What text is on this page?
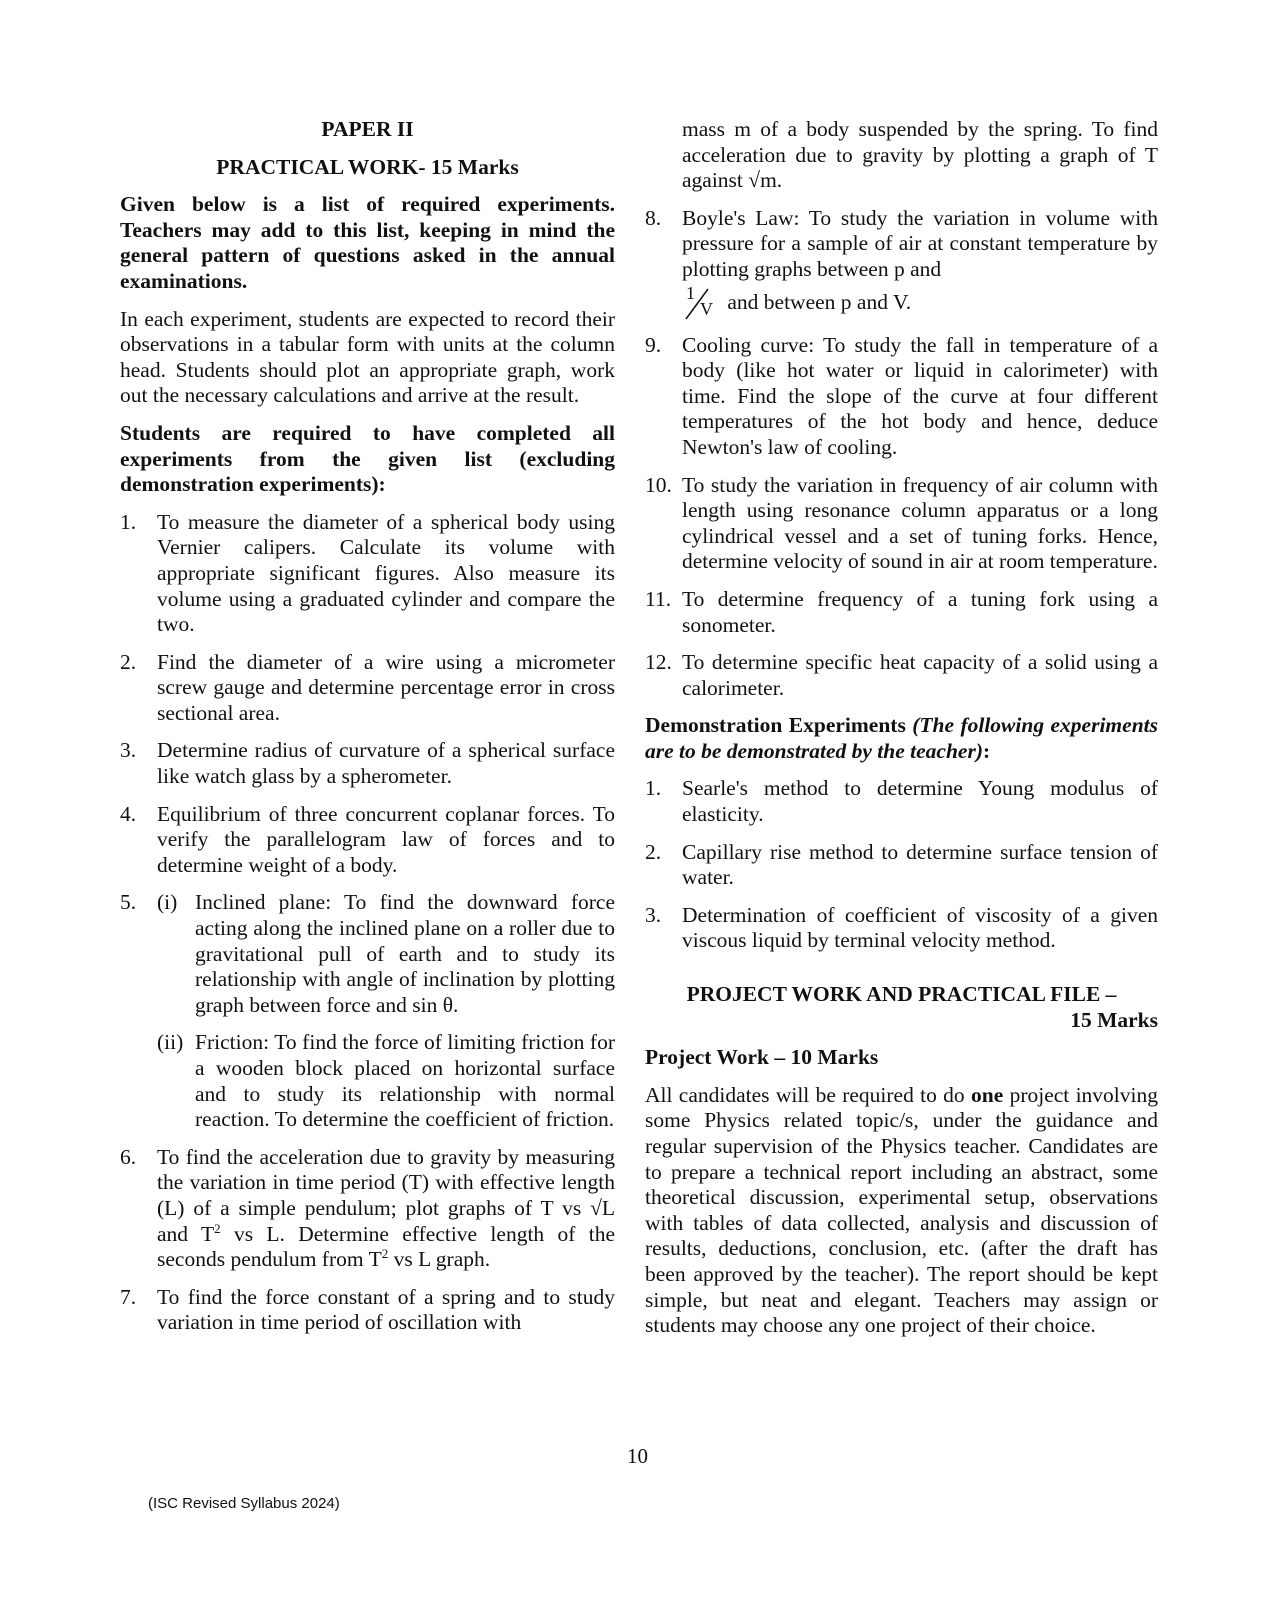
PAPER II
PRACTICAL WORK- 15 Marks

Given below is a list of required experiments. Teachers may add to this list, keeping in mind the general pattern of questions asked in the annual examinations.

In each experiment, students are expected to record their observations in a tabular form with units at the column head. Students should plot an appropriate graph, work out the necessary calculations and arrive at the result.

Students are required to have completed all experiments from the given list (excluding demonstration experiments):

1. To measure the diameter of a spherical body using Vernier calipers. Calculate its volume with appropriate significant figures. Also measure its volume using a graduated cylinder and compare the two.
2. Find the diameter of a wire using a micrometer screw gauge and determine percentage error in cross sectional area.
3. Determine radius of curvature of a spherical surface like watch glass by a spherometer.
4. Equilibrium of three concurrent coplanar forces. To verify the parallelogram law of forces and to determine weight of a body.
5. (i) Inclined plane: To find the downward force acting along the inclined plane on a roller due to gravitational pull of earth and to study its relationship with angle of inclination by plotting graph between force and sin θ.
(ii) Friction: To find the force of limiting friction for a wooden block placed on horizontal surface and to study its relationship with normal reaction. To determine the coefficient of friction.
6. To find the acceleration due to gravity by measuring the variation in time period (T) with effective length (L) of a simple pendulum; plot graphs of T vs √L and $T^2$ vs L. Determine effective length of the seconds pendulum from $T^2$ vs L graph.
7. To find the force constant of a spring and to study variation in time period of oscillation with

mass m of a body suspended by the spring. To find acceleration due to gravity by plotting a graph of T against √m.

8. Boyle's Law: To study the variation in volume with pressure for a sample of air at constant temperature by plotting graphs between p and
1
V and between p and V.
9. Cooling curve: To study the fall in temperature of a body (like hot water or liquid in calorimeter) with time. Find the slope of the curve at four different temperatures of the hot body and hence, deduce Newton's law of cooling.
10. To study the variation in frequency of air column with length using resonance column apparatus or a long cylindrical vessel and a set of tuning forks. Hence, determine velocity of sound in air at room temperature.
11. To determine frequency of a tuning fork using a sonometer.
12. To determine specific heat capacity of a solid using a calorimeter.

Demonstration Experiments (The following experiments are to be demonstrated by the teacher):

1. Searle's method to determine Young modulus of elasticity.
2. Capillary rise method to determine surface tension of water.
3. Determination of coefficient of viscosity of a given viscous liquid by terminal velocity method.
PROJECT WORK AND PRACTICAL FILE –
15 Marks

Project Work – 10 Marks

All candidates will be required to do one project involving some Physics related topic/s, under the guidance and regular supervision of the Physics teacher. Candidates are to prepare a technical report including an abstract, some theoretical discussion, experimental setup, observations with tables of data collected, analysis and discussion of results, deductions, conclusion, etc. (after the draft has been approved by the teacher). The report should be kept simple, but neat and elegant. Teachers may assign or students may choose any one project of their choice.

10
(ISC Revised Syllabus 2024)
